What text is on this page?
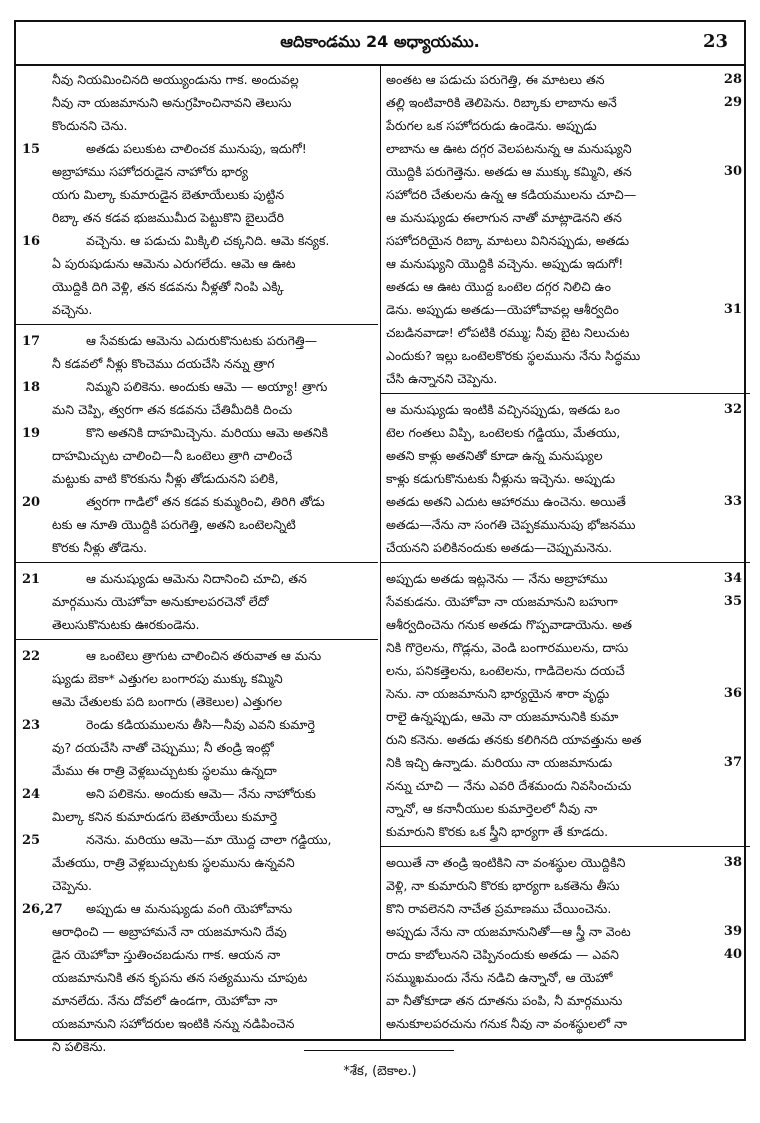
ఆదికాండము 24 అధ్యాయము.	23
నీవు నియమించినది అయ్యుండును గాక. అందువల్ల
నీవు నా యజమానుని అనుగ్రహించినావని తెలుసు
కొందునని చెను.
15	అతడు పలుకుట చాలించక మునుపు, ఇదుగో!
అబ్రాహాము సహోదరుడైన నాహోరు భార్య
యగు మిల్కా కుమారుడైన బెతూయేలుకు పుట్టిన
రిబ్కా తన కడవ భుజముమీద పెట్టుకొని బైలుదేరి
16	వచ్చెను. ఆ పడుచు మిక్కిలి చక్కనిది. ఆమె కన్యక.
ఏ పురుషుడును ఆమెను ఎరుగలేదు. ఆమె ఆ ఊట
యొద్దికి దిగి వెళ్లి, తన కడవను నీళ్లతో నింపి ఎక్కి
వచ్చెను.
17	ఆ సేవకుడు ఆమెను ఎదురుకొనుటకు పరుగెత్తి—
నీ కడవలో నీళ్లు కొంచెము దయచేసి నన్ను త్రాగ
18	నిమ్మని పలికెను. అందుకు ఆమె — అయ్యా! త్రాగు
మని చెప్పి, త్వరగా తన కడవను చేతిమీదికి దించు
19	కొని అతనికి దాహమిచ్చెను. మరియు ఆమె అతనికి
దాహమిచ్చుట చాలించి—నీ ఒంటెలు త్రాగి చాలించే
మట్టుకు వాటి కొరకును నీళ్లు తోడుదునని పలికి,
20	త్వరగా గాడిలో తన కడవ కుమ్మరించి, తిరిగి తోడు
టకు ఆ నూతి యొద్దికి పరుగెత్తి, అతని ఒంటెలన్నిటి
కొరకు నీళ్లు తోడెను.
21	ఆ మనుష్యుడు ఆమెను నిదానించి చూచి, తన
మార్గమును యెహోవా అనుకూలపరచెనో లేదో
తెలుసుకొనుటకు ఊరకుండెను.
22	ఆ ఒంటెలు త్రాగుట చాలించిన తరువాత ఆ మను
ష్యుడు బెకా* ఎత్తుగల బంగారపు ముక్కు కమ్మిని
ఆమె చేతులకు పది బంగారు (తెకెలుల) ఎత్తుగల
23	రెండు కడియములను తీసి—నీవు ఎవని కుమార్తె
వు? దయచేసి నాతో చెప్పుము; నీ తండ్రి ఇంట్లో
మేము ఈ రాత్రి వెళ్లబుచ్చుటకు స్థలము ఉన్నదా
24	అని పలికెను. అందుకు ఆమె— నేను నాహోరుకు
మిల్కా కనిన కుమారుడగు బెతూయేలు కుమార్తె
25	ననెను. మరియు ఆమె—మా యొద్ద చాలా గడ్డియు,
మేతయు, రాత్రి వెళ్లబుచ్చుటకు స్థలమును ఉన్నవని
చెప్పెను.
26,27 అప్పుడు ఆ మనుష్యుడు వంగి యెహోవాను
ఆరాధించి — అబ్రాహామనే నా యజమానుని దేవు
డైన యెహోవా స్తుతించబడును గాక. ఆయన నా
యజమానునికి తన కృపను తన సత్యమును చూపుట
మానలేదు. నేను దోవలో ఉండగా, యెహోవా నా
యజమానుని సహోదరుల ఇంటికి నన్ను నడిపించెన
ని పలికెను.
28
అంతట ఆ పడుచు పరుగెత్తి, ఈ మాటలు తన
29
తల్లి ఇంటివారికి తెలిపెను. రిబ్కాకు లాబాను అనే
పేరుగల ఒక సహోదరుడు ఉండెను. అప్పుడు
లాబాను ఆ ఊట దగ్గర వెలపటనున్న ఆ మనుష్యుని
30
యొద్దికి పరుగెత్తెను. అతడు ఆ ముక్కు కమ్మిని, తన
సహోదరి చేతులను ఉన్న ఆ కడియములను చూచి—
ఆ మనుష్యుడు ఈలాగున నాతో మాట్లాడెనని తన
సహోదరియైన రిబ్కా మాటలు వినినప్పుడు, అతడు
ఆ మనుష్యుని యొద్దికి వచ్చెను. అప్పుడు ఇదుగో!
అతడు ఆ ఊట యొద్ద ఒంటెల దగ్గర నిలిచి ఉం
31
డెను. అప్పుడు అతడు—యెహోవావల్ల ఆశీర్వదిం
చబడినవాడా! లోపటికి రమ్ము; నీవు బైట నిలుచుట
ఎందుకు? ఇల్లు ఒంటెలకొరకు స్థలమును నేను సిద్ధము
చేసి ఉన్నానని చెప్పెను.
32
ఆ మనుష్యుడు ఇంటికి వచ్చినప్పుడు, ఇతడు ఒం
టెల గంతలు విప్పి, ఒంటెలకు గడ్డియు, మేతయు,
అతని కాళ్లు అతనితో కూడా ఉన్న మనుష్యుల
కాళ్లు కడుగుకొనుటకు నీళ్లును ఇచ్చెను. అప్పుడు
33
అతడు అతని ఎదుట ఆహారము ఉంచెను. అయితే
అతడు—నేను నా సంగతి చెప్పకమునుపు భోజనము
చేయనని పలికినందుకు అతడు—చెప్పుమనెను.
34
అప్పుడు అతడు ఇట్లనెను — నేను అబ్రాహాము
35
సేవకుడను. యెహోవా నా యజమానుని బహుగా
ఆశీర్వదించెను గనుక అతడు గొప్పవాడాయెను. అత
నికి గొర్రెలను, గొడ్లను, వెండి బంగారములను, దాసు
లను, పనికత్తెలను, ఒంటెలను, గాడిదెలను దయచే
36
సెను. నా యజమానుని భార్యయైన శారా వృద్ధు
రాలై ఉన్నప్పుడు, ఆమె నా యజమానునికి కుమా
రుని కనెను. అతడు తనకు కలిగినది యావత్తును అత
37
నికి ఇచ్చి ఉన్నాడు. మరియు నా యజమానుడు
నన్ను చూచి — నేను ఎవరి దేశమందు నివసించుచు
న్నానో, ఆ కనానీయుల కుమార్తెలలో నీవు నా
కుమారుని కొరకు ఒక స్త్రీని భార్యగా తే కూడదు.
38
అయితే నా తండ్రి ఇంటికిని నా వంశస్థుల యొద్దికిని
వెళ్లి, నా కుమారుని కొరకు భార్యగా ఒకతెను తీసు
కొని రావలెనని నాచేత ప్రమాణము చేయించెను.
39
అప్పుడు నేను నా యజమానునితో—ఆ స్త్రీ నా వెంట
40
రాదు కాబోలునని చెప్పినందుకు అతడు — ఎవని
సమ్ముఖమందు నేను నడిచి ఉన్నానో, ఆ యెహో
వా నీతోకూడా తన దూతను పంపి, నీ మార్గమును
అనుకూలపరచును గనుక నీవు నా వంశస్థులలో నా
*శేక, (బెకాల.)
